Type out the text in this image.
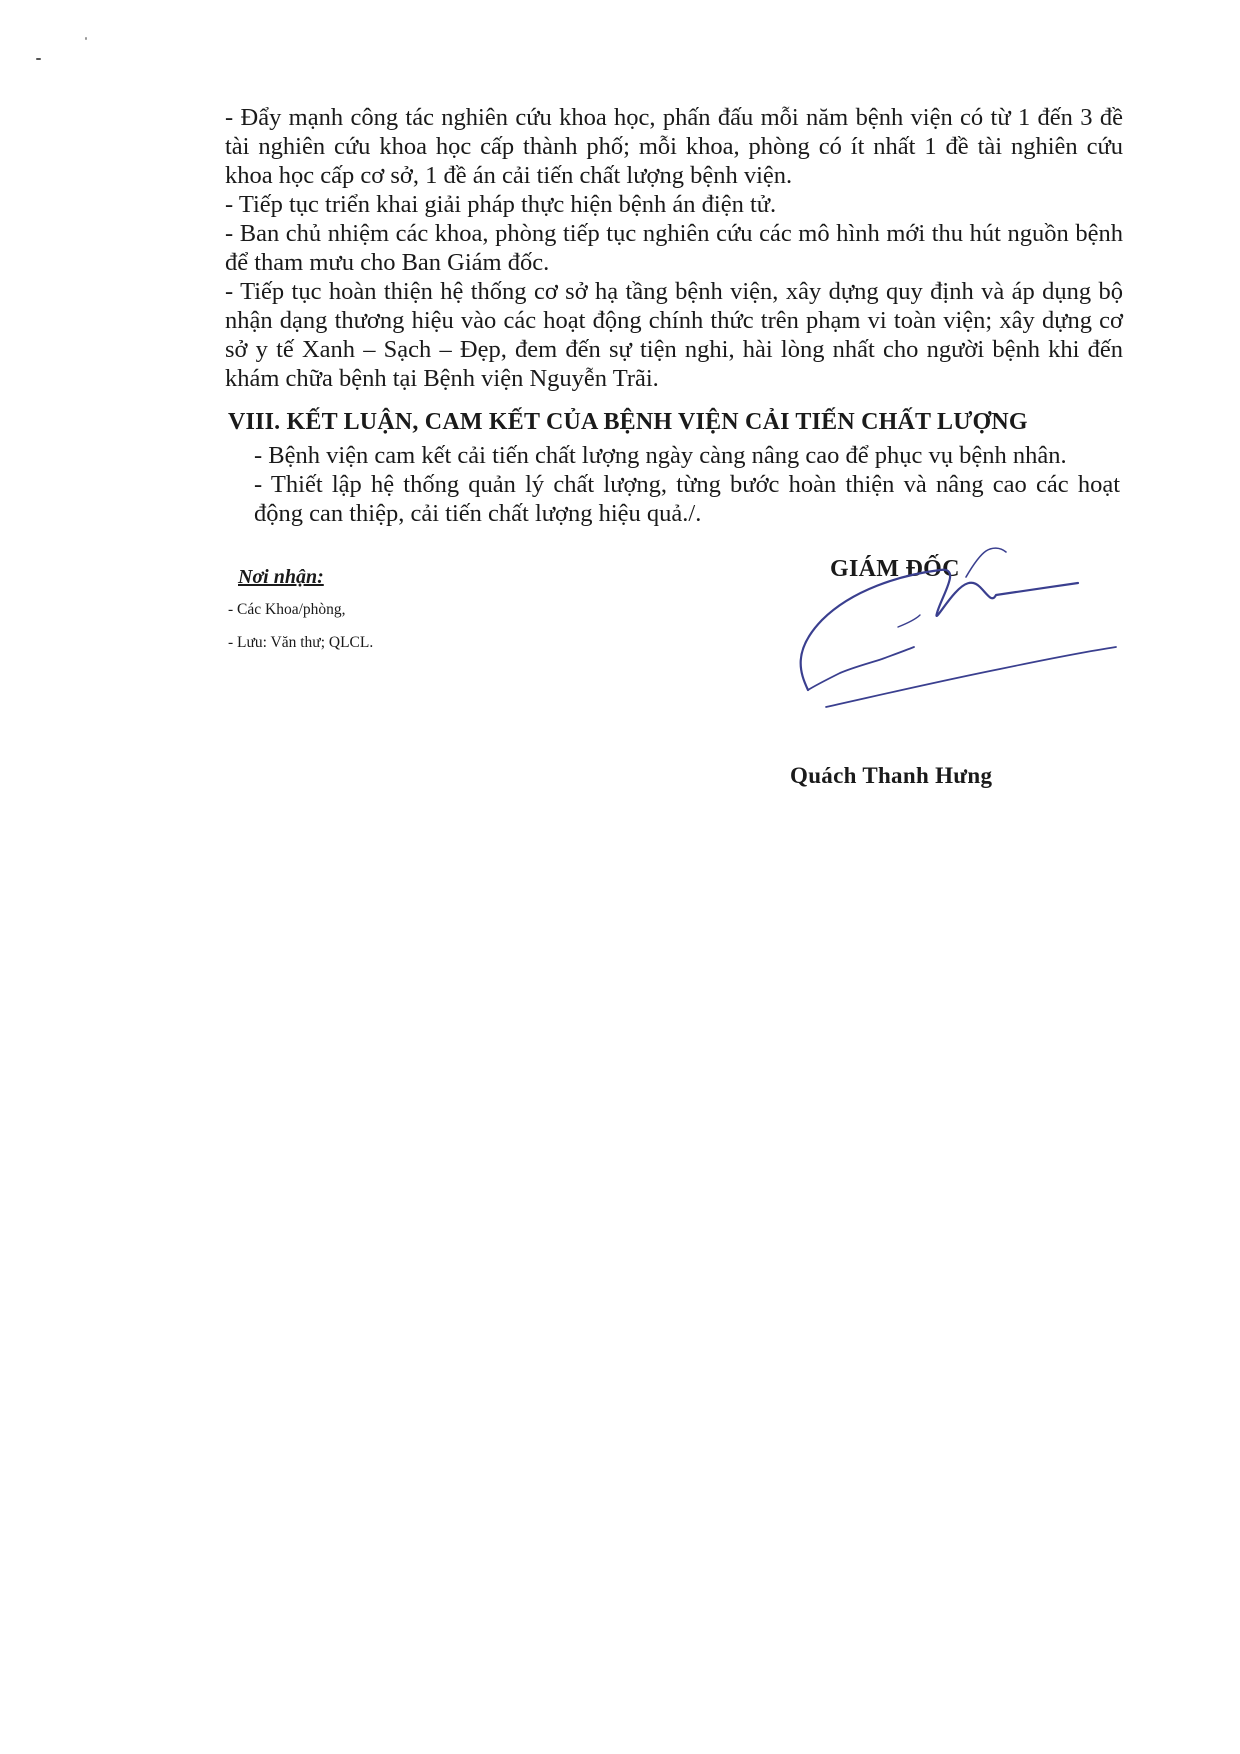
- Đẩy mạnh công tác nghiên cứu khoa học, phấn đấu mỗi năm bệnh viện có từ 1 đến 3 đề tài nghiên cứu khoa học cấp thành phố; mỗi khoa, phòng có ít nhất 1 đề tài nghiên cứu khoa học cấp cơ sở, 1 đề án cải tiến chất lượng bệnh viện.

- Tiếp tục triển khai giải pháp thực hiện bệnh án điện tử.

- Ban chủ nhiệm các khoa, phòng tiếp tục nghiên cứu các mô hình mới thu hút nguồn bệnh để tham mưu cho Ban Giám đốc.

- Tiếp tục hoàn thiện hệ thống cơ sở hạ tầng bệnh viện, xây dựng quy định và áp dụng bộ nhận dạng thương hiệu vào các hoạt động chính thức trên phạm vi toàn viện; xây dựng cơ sở y tế Xanh – Sạch – Đẹp, đem đến sự tiện nghi, hài lòng nhất cho người bệnh khi đến khám chữa bệnh tại Bệnh viện Nguyễn Trãi.

VIII. KẾT LUẬN, CAM KẾT CỦA BỆNH VIỆN CẢI TIẾN CHẤT LƯỢNG

- Bệnh viện cam kết cải tiến chất lượng ngày càng nâng cao để phục vụ bệnh nhân.

- Thiết lập hệ thống quản lý chất lượng, từng bước hoàn thiện và nâng cao các hoạt động can thiệp, cải tiến chất lượng hiệu quả./.

Nơi nhận:

- Các Khoa/phòng,

- Lưu: Văn thư; QLCL.

GIÁM ĐỐC
Quách Thanh Hưng
